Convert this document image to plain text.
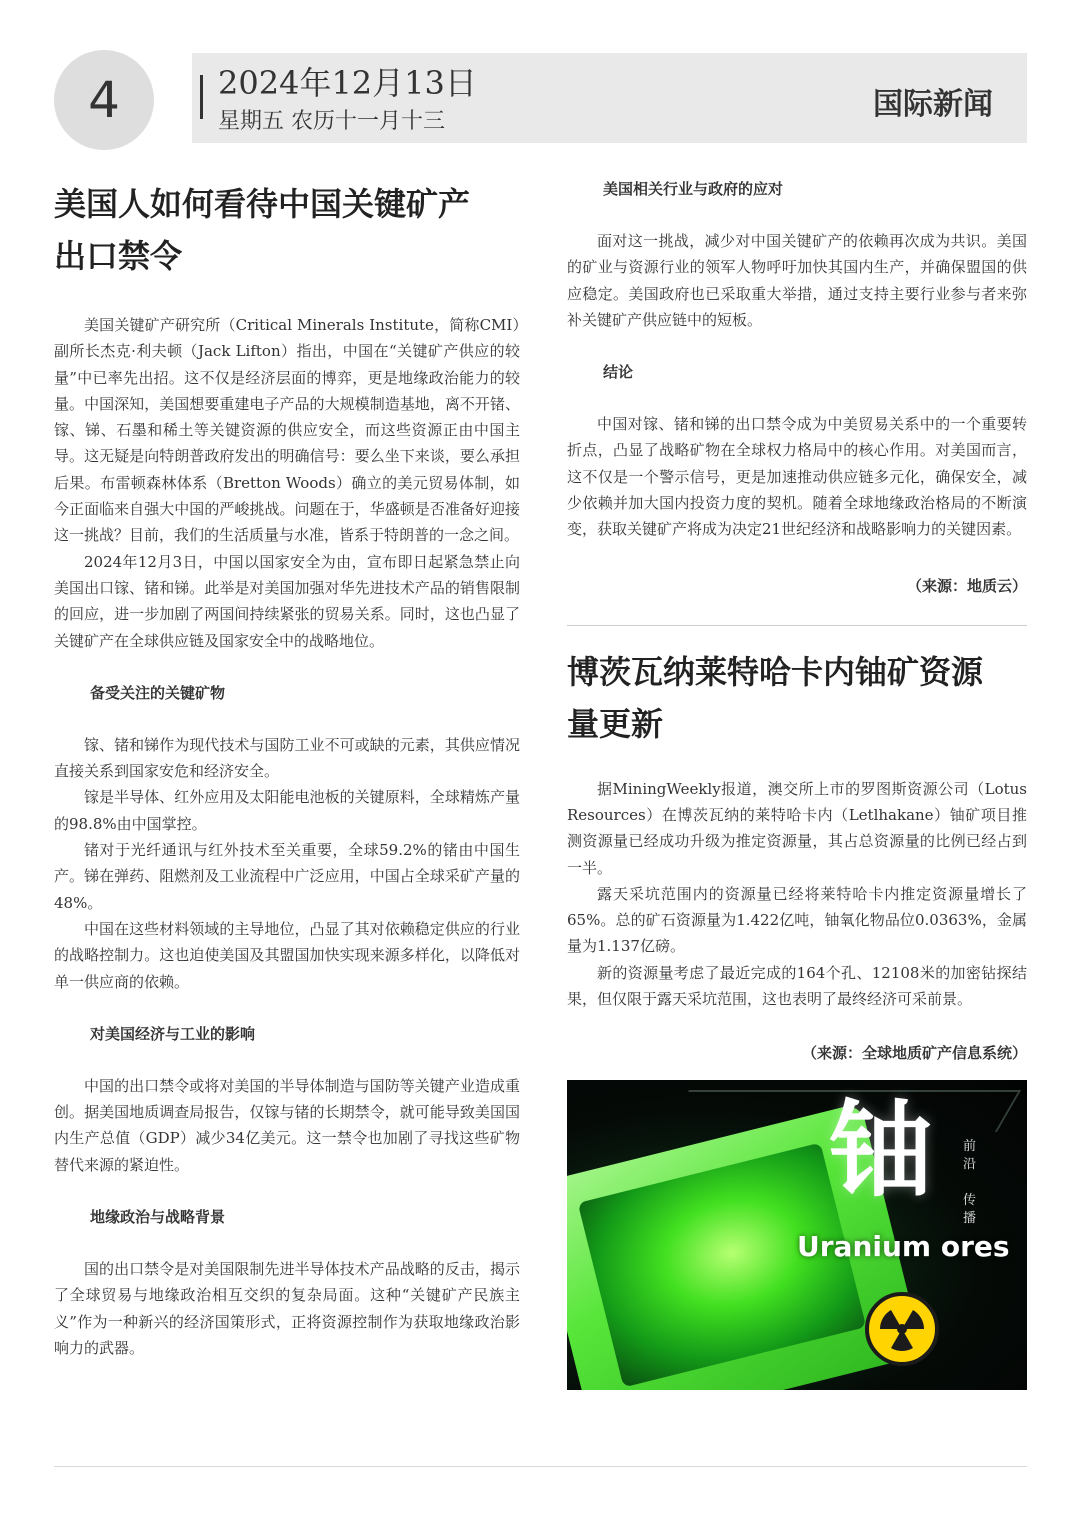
4	2024年12月13日
星期五 农历十一月十三	国际新闻
美国人如何看待中国关键矿产
出口禁令

美国关键矿产研究所（Critical Minerals Institute，简称CMI）副所长杰克·利夫顿（Jack Lifton）指出，中国在“关键矿产供应的较量”中已率先出招。这不仅是经济层面的博弈，更是地缘政治能力的较量。中国深知，美国想要重建电子产品的大规模制造基地，离不开锗、镓、锑、石墨和稀土等关键资源的供应安全，而这些资源正由中国主导。这无疑是向特朗普政府发出的明确信号：要么坐下来谈，要么承担后果。布雷顿森林体系（Bretton Woods）确立的美元贸易体制，如今正面临来自强大中国的严峻挑战。问题在于，华盛顿是否准备好迎接这一挑战？目前，我们的生活质量与水准，皆系于特朗普的一念之间。

2024年12月3日，中国以国家安全为由，宣布即日起紧急禁止向美国出口镓、锗和锑。此举是对美国加强对华先进技术产品的销售限制的回应，进一步加剧了两国间持续紧张的贸易关系。同时，这也凸显了关键矿产在全球供应链及国家安全中的战略地位。

备受关注的关键矿物

镓、锗和锑作为现代技术与国防工业不可或缺的元素，其供应情况直接关系到国家安危和经济安全。

镓是半导体、红外应用及太阳能电池板的关键原料，全球精炼产量的98.8%由中国掌控。

锗对于光纤通讯与红外技术至关重要，全球59.2%的锗由中国生产。锑在弹药、阻燃剂及工业流程中广泛应用，中国占全球采矿产量的48%。

中国在这些材料领域的主导地位，凸显了其对依赖稳定供应的行业的战略控制力。这也迫使美国及其盟国加快实现来源多样化，以降低对单一供应商的依赖。

对美国经济与工业的影响

中国的出口禁令或将对美国的半导体制造与国防等关键产业造成重创。据美国地质调查局报告，仅镓与锗的长期禁令，就可能导致美国国内生产总值（GDP）减少34亿美元。这一禁令也加剧了寻找这些矿物替代来源的紧迫性。

地缘政治与战略背景

国的出口禁令是对美国限制先进半导体技术产品战略的反击，揭示了全球贸易与地缘政治相互交织的复杂局面。这种“关键矿产民族主义”作为一种新兴的经济国策形式，正将资源控制作为获取地缘政治影响力的武器。

美国相关行业与政府的应对

面对这一挑战，减少对中国关键矿产的依赖再次成为共识。美国的矿业与资源行业的领军人物呼吁加快其国内生产，并确保盟国的供应稳定。美国政府也已采取重大举措，通过支持主要行业参与者来弥补关键矿产供应链中的短板。

结论

中国对镓、锗和锑的出口禁令成为中美贸易关系中的一个重要转折点，凸显了战略矿物在全球权力格局中的核心作用。对美国而言，这不仅是一个警示信号，更是加速推动供应链多元化，确保安全，减少依赖并加大国内投资力度的契机。随着全球地缘政治格局的不断演变，获取关键矿产将成为决定21世纪经济和战略影响力的关键因素。

（来源：地质云）
博茨瓦纳莱特哈卡内铀矿资源
量更新

据MiningWeekly报道，澳交所上市的罗图斯资源公司（Lotus Resources）在博茨瓦纳的莱特哈卡内（Letlhakane）铀矿项目推测资源量已经成功升级为推定资源量，其占总资源量的比例已经占到一半。

露天采坑范围内的资源量已经将莱特哈卡内推定资源量增长了65%。总的矿石资源量为1.422亿吨，铀氧化物品位0.0363%，金属量为1.137亿磅。

新的资源量考虑了最近完成的164个孔、12108米的加密钻探结果，但仅限于露天采坑范围，这也表明了最终经济可采前景。

（来源：全球地质矿产信息系统）
铀 前沿
传播
Uranium ores
